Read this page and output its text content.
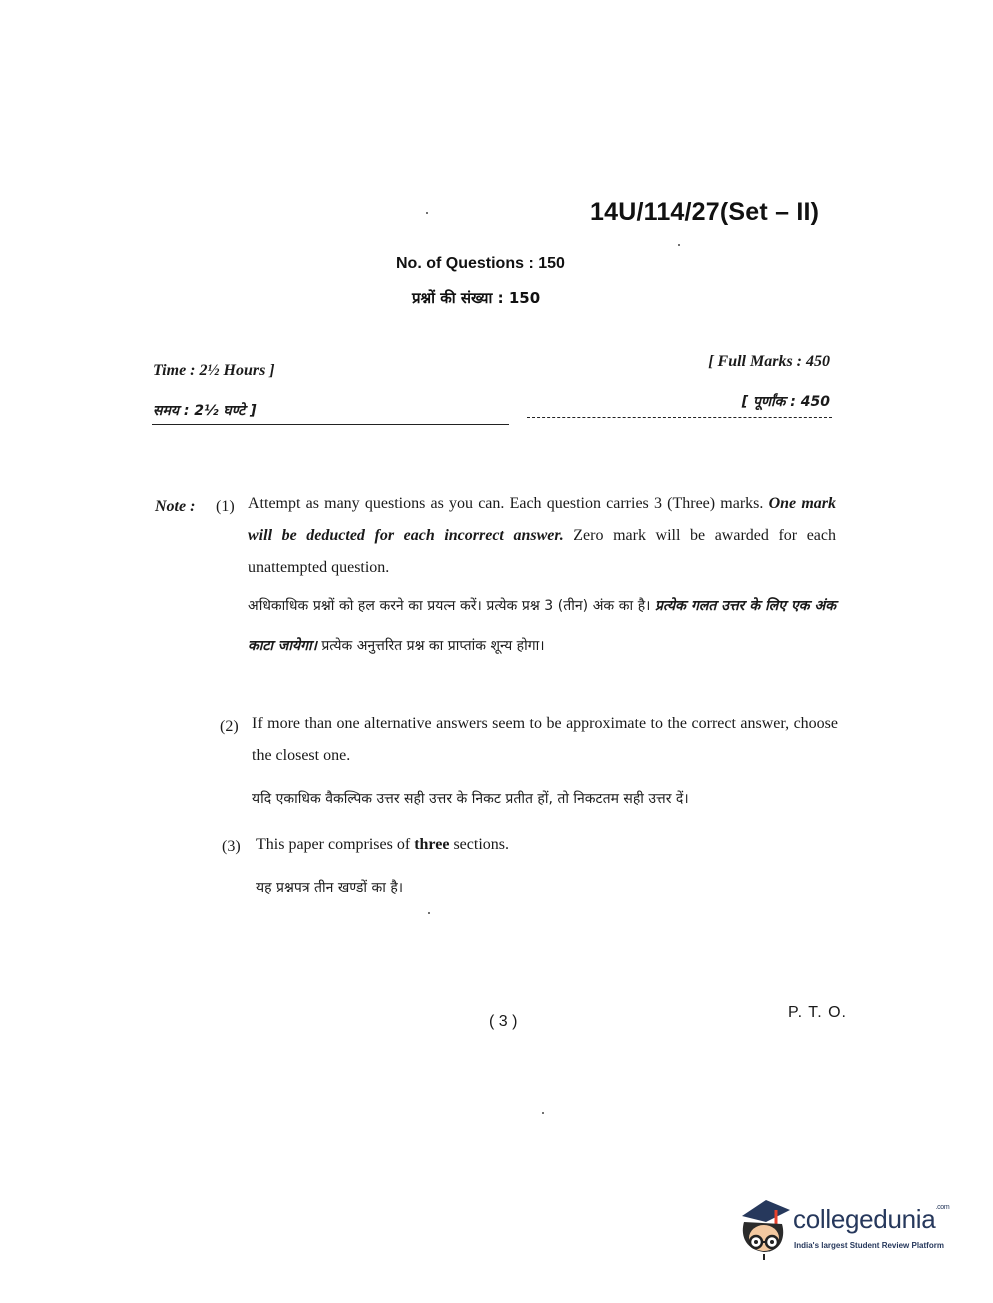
14U/114/27(Set – II)
No. of Questions : 150
प्रश्नों की संख्या : 150
Time : 2½ Hours ]
समय : 2½ घण्टे ]
[ Full Marks : 450
[ पूर्णांक : 450
Note : (1) Attempt as many questions as you can. Each question carries 3 (Three) marks. One mark will be deducted for each incorrect answer. Zero mark will be awarded for each unattempted question.
अधिकाधिक प्रश्नों को हल करने का प्रयत्न करें। प्रत्येक प्रश्न 3 (तीन) अंक का है। प्रत्येक गलत उत्तर के लिए एक अंक काटा जायेगा। प्रत्येक अनुत्तरित प्रश्न का प्राप्तांक शून्य होगा।
(2) If more than one alternative answers seem to be approximate to the correct answer, choose the closest one.
यदि एकाधिक वैकल्पिक उत्तर सही उत्तर के निकट प्रतीत हों, तो निकटतम सही उत्तर दें।
(3) This paper comprises of three sections.
यह प्रश्नपत्र तीन खण्डों का है।
( 3 )
P. T. O.
collegedunia$^{.com}$
India's largest Student Review Platform
